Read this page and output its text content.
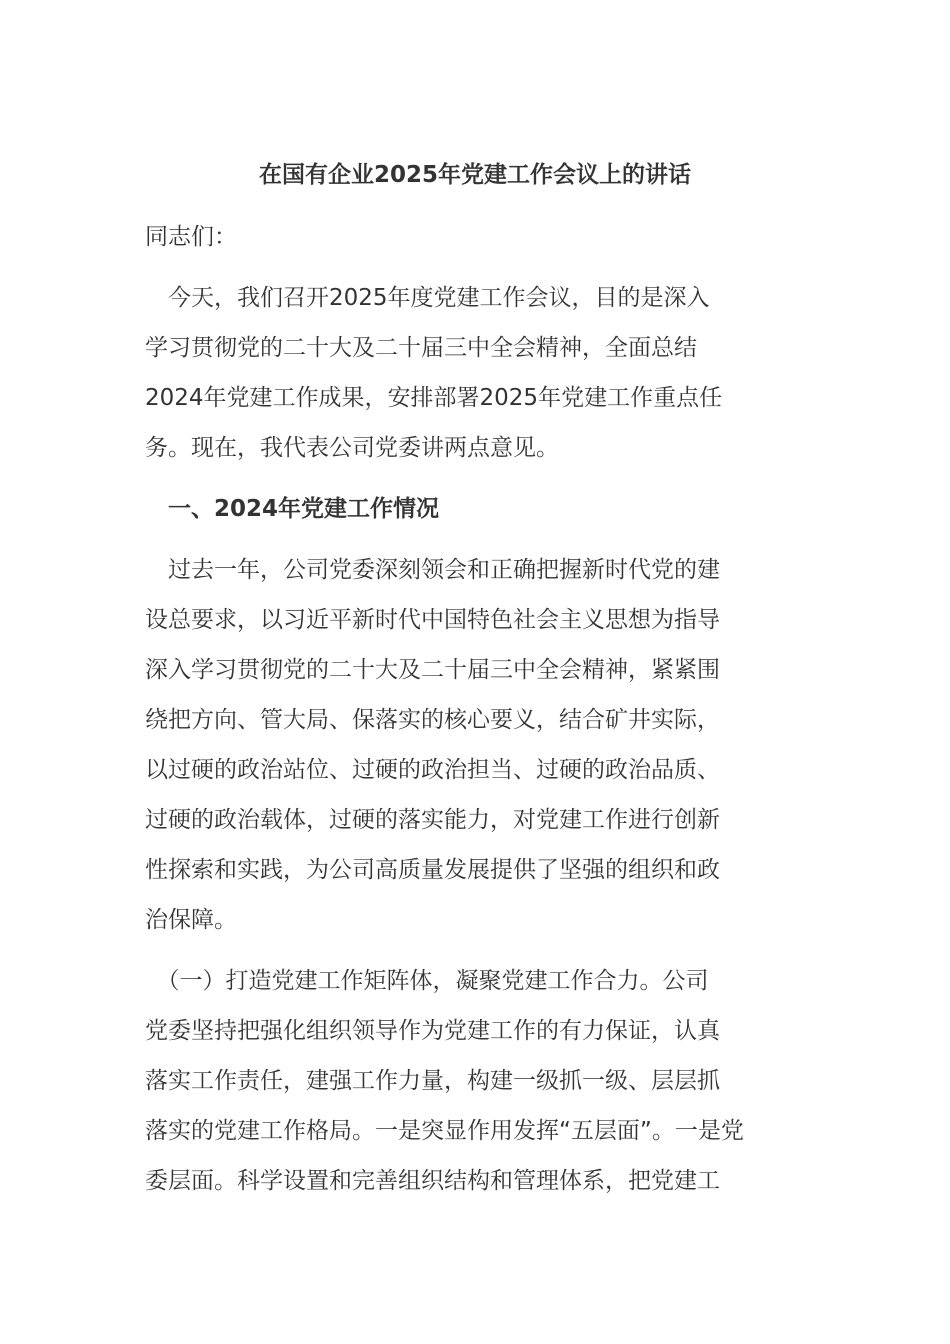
在国有企业2025年党建工作会议上的讲话
同志们：
　今天，我们召开2025年度党建工作会议，目的是深入
学习贯彻党的二十大及二十届三中全会精神，全面总结
2024年党建工作成果，安排部署2025年党建工作重点任
务。现在，我代表公司党委讲两点意见。
　一、2024年党建工作情况
　过去一年，公司党委深刻领会和正确把握新时代党的建
设总要求，以习近平新时代中国特色社会主义思想为指导
深入学习贯彻党的二十大及二十届三中全会精神，紧紧围
绕把方向、管大局、保落实的核心要义，结合矿井实际，
以过硬的政治站位、过硬的政治担当、过硬的政治品质、
过硬的政治载体，过硬的落实能力，对党建工作进行创新
性探索和实践，为公司高质量发展提供了坚强的组织和政
治保障。
　（一）打造党建工作矩阵体，凝聚党建工作合力。公司
党委坚持把强化组织领导作为党建工作的有力保证，认真
落实工作责任，建强工作力量，构建一级抓一级、层层抓
落实的党建工作格局。一是突显作用发挥“五层面”。一是党
委层面。科学设置和完善组织结构和管理体系，把党建工
